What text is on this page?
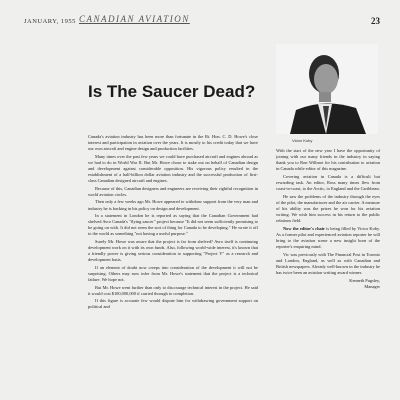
JANUARY, 1955 CANADIAN AVIATION	23
Is The Saucer Dead?
Victor Koby

Canada's aviation industry has been more than fortunate in the Rt. Hon. C. D. Howe's close interest and participation in aviation over the years. It is mostly to his credit today that we have our own aircraft and engine design and production facilities.

Many times over the past few years we could have purchased aircraft and engines abroad as we had to do in World War II. But Mr. Howe chose to stake out on behalf of Canadian design and development against considerable opposition. His vigorous policy resulted in the establishment of a half-billion dollar aviation industry and the successful production of first-class Canadian designed aircraft and engines.

Because of this, Canadian designers and engineers are receiving their rightful recognition in world aviation circles.

Then only a few weeks ago Mr. Howe appeared to withdraw support from the very man and industry he is backing in his policy on design and development.

In a statement in London he is reported as saying that the Canadian Government had shelved Avro Canada's "flying saucer" project because "It did not seem sufficiently promising to be going on with. It did not seem the sort of thing for Canada to be developing." He wrote it off to the world as something "not having a useful purpose."

Surely Mr. Howe was aware that the project is far from shelved? Avro itself is continuing development work on it with its own funds. Also, following world-wide interest, it's known that a friendly power is giving serious consideration to supporting "Project Y" as a research and development basis.

If an element of doubt now creeps into consideration of the development it will not be surprising. Others may now infer from Mr. Howe's statement that the project is a technical failure. We hope not.

But Mr. Howe went further than only to discourage technical interest in the project. He said it would cost $100,000,000 if carried through to completion.

If this figure is accurate few would dispute him for withdrawing government support on political and

With the start of the new year I have the opportunity of joining with our many friends in the industry in saying thank you to Ron Willmot for his contribution to aviation in Canada while editor of this magazine.

Covering aviation in Canada is a difficult but rewarding task. An editor, Ross many times flew from coast-to-coast, to the Arctic, to England and the Caribbean.

He saw the problems of the industry through the eyes of the pilot, the manufacturer and the air carrier. A measure of his ability was the prizes he won for his aviation writing. We wish him success in his return to the public relations field.

Now the editor's chair is being filled by Victor Koby. As a former pilot and experienced aviation reporter he will bring to the aviation scene a new insight born of the reporter's enquiring mind.

Vic was previously with The Financial Post in Toronto and London, England, as well as with Canadian and British newspapers. Already well-known in the industry he has twice been an aviation writing award winner.

Kenneth Pugsley,
Manager
